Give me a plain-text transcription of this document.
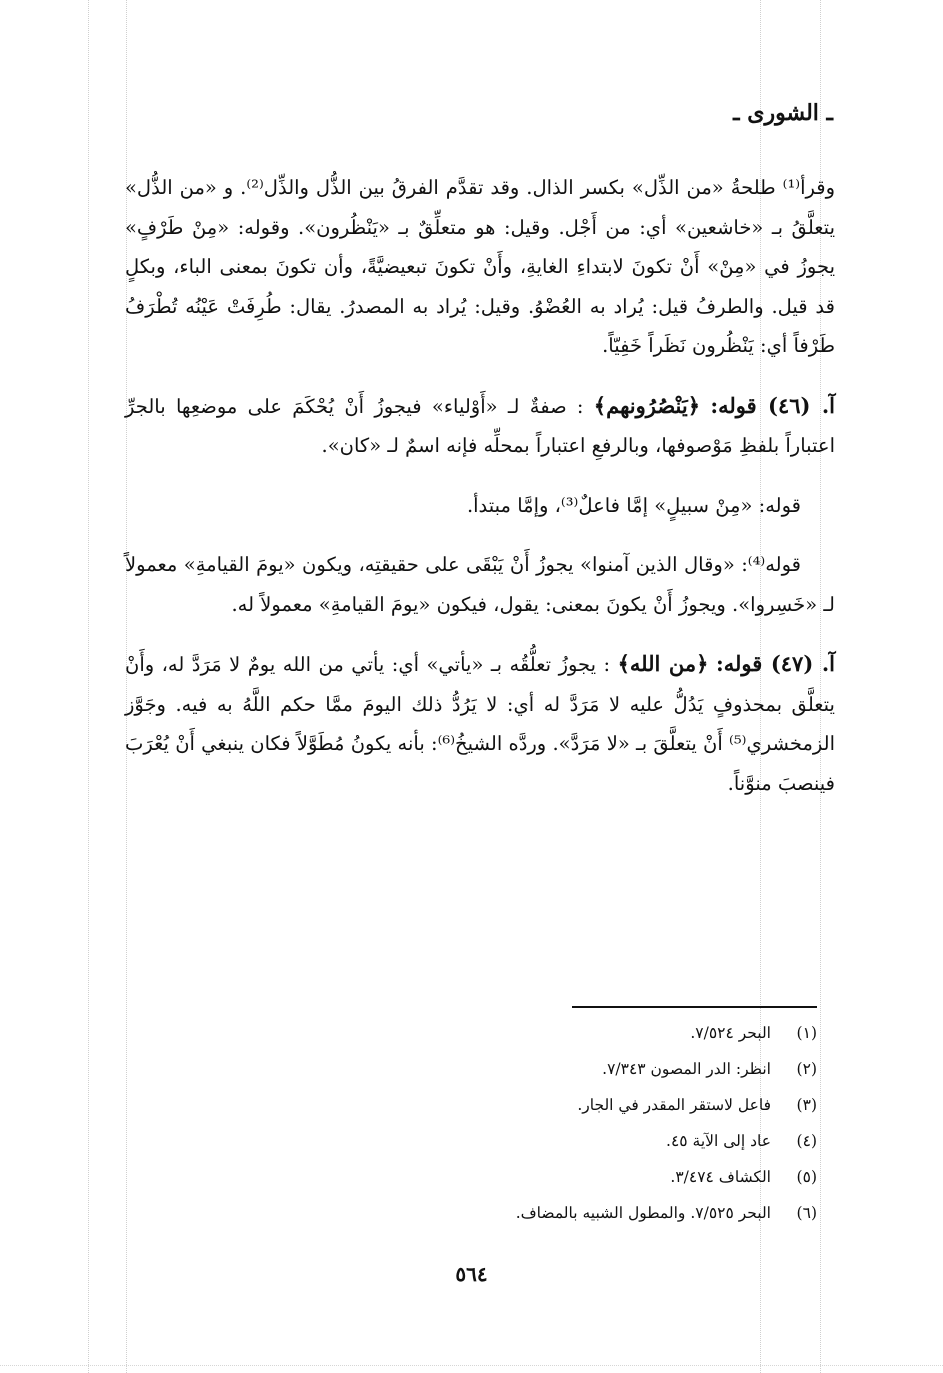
ـ الشورى ـ

وقرأ⁽¹⁾ طلحةُ «من الذِّل» بكسر الذال. وقد تقدَّم الفرقُ بين الذُّل والذِّل⁽²⁾. و «من الذُّل» يتعلَّقُ بـ «خاشعين» أي: من أَجْل. وقيل: هو متعلِّقٌ بـ «يَنْظُرون». وقوله: «مِنْ طَرْفٍ» يجوزُ في «مِنْ» أَنْ تكونَ لابتداءِ الغايةِ، وأَنْ تكونَ تبعيضيَّةً، وأن تكونَ بمعنى الباء، وبكلٍ قد قيل. والطرفُ قيل: يُراد به العُضْوُ. وقيل: يُراد به المصدرُ. يقال: طُرِفَتْ عَيْنُه تُطْرَفُ طَرْفاً أي: يَنْظُرون نَظَراً خَفِيّاً.

آ. (٤٦) قوله: ﴿يَنْصُرُونهم﴾ : صفةٌ لـ «أَوْلياء» فيجوزُ أَنْ يُحْكَمَ على موضعِها بالجرِّ اعتباراً بلفظِ مَوْصوفها، وبالرفعِ اعتباراً بمحلِّه فإنه اسمٌ لـ «كان».

قوله: «مِنْ سبيلٍ» إمَّا فاعلٌ⁽³⁾، وإمَّا مبتدأ.

قوله⁽⁴⁾: «وقال الذين آمنوا» يجوزُ أَنْ يَبْقَى على حقيقتِه، ويكون «يومَ القيامةِ» معمولاً لـ «خَسِروا». ويجوزُ أَنْ يكونَ بمعنى: يقول، فيكون «يومَ القيامةِ» معمولاً له.

آ. (٤٧) قوله: ﴿من الله﴾ : يجوزُ تعلُّقُه بـ «يأتي» أي: يأتي من الله يومٌ لا مَرَدَّ له، وأَنْ يتعلَّق بمحذوفٍ يَدُلُّ عليه لا مَرَدَّ له أي: لا يَرُدُّ ذلك اليومَ ممَّا حكم اللَّهُ به فيه. وجَوَّز الزمخشري⁽⁵⁾ أَنْ يتعلَّقَ بـ «لا مَرَدَّ». وردَّه الشيخُ⁽⁶⁾: بأنه يكونُ مُطَوَّلاً فكان ينبغي أَنْ يُعْرَبَ فينصبَ منوَّناً.

(١)
البحر ٧/٥٢٤.
(٢)
انظر: الدر المصون ٧/٣٤٣.
(٣)
فاعل لاستقر المقدر في الجار.
(٤)
عاد إلى الآية ٤٥.
(٥)
الكشاف ٣/٤٧٤.
(٦)
البحر ٧/٥٢٥. والمطول الشبيه بالمضاف.
٥٦٤
